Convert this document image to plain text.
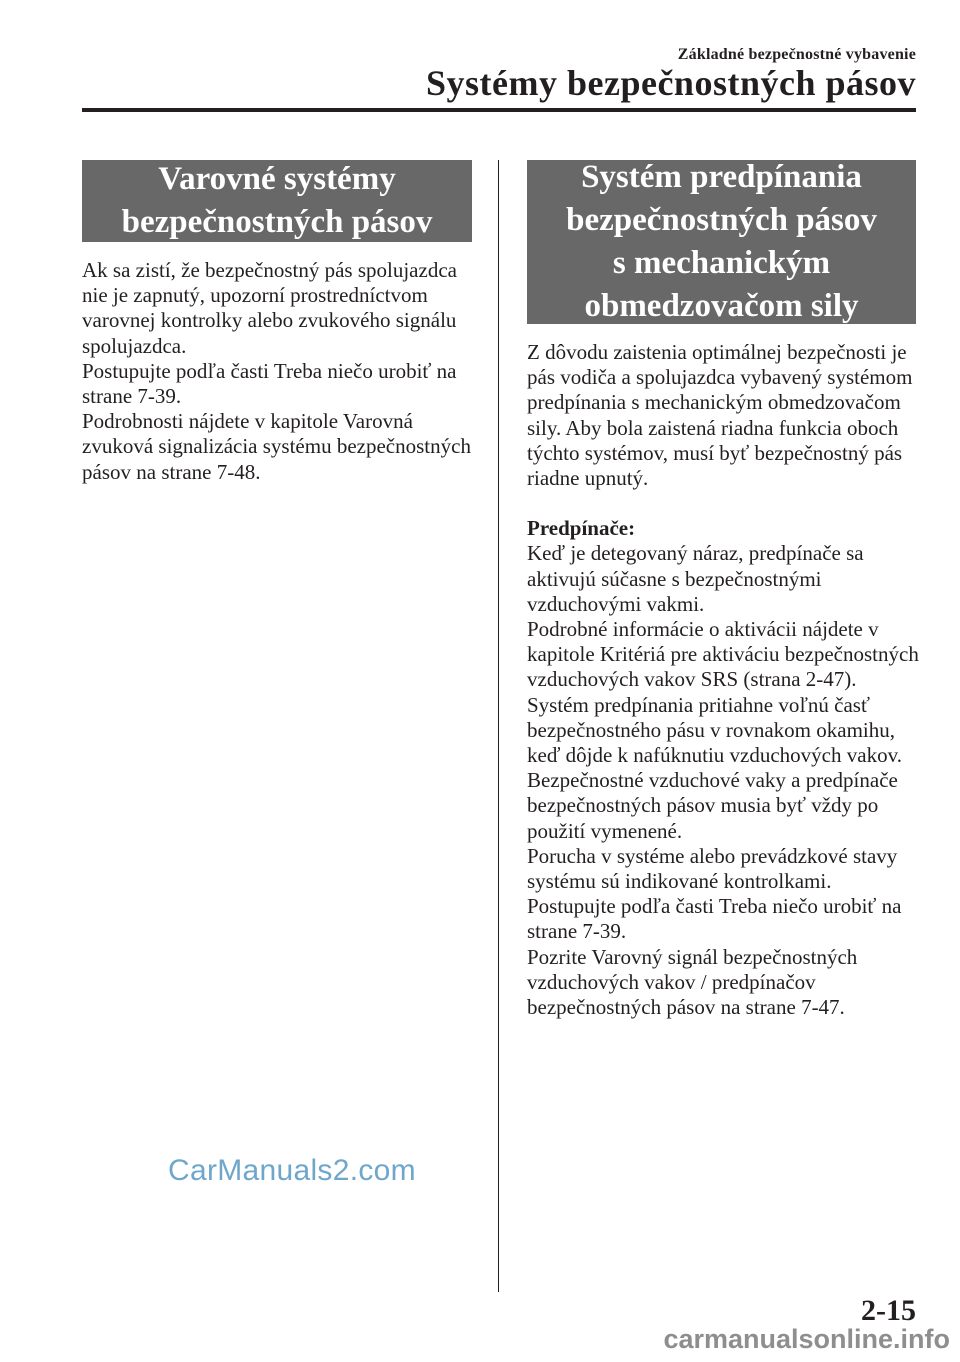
Základné bezpečnostné vybavenie
Systémy bezpečnostných pásov
Varovné systémy
bezpečnostných pásov

Ak sa zistí, že bezpečnostný pás spolujazdca nie je zapnutý, upozorní prostredníctvom varovnej kontrolky alebo zvukového signálu spolujazdca.

Postupujte podľa časti Treba niečo urobiť na strane 7-39.

Podrobnosti nájdete v kapitole Varovná zvuková signalizácia systému bezpečnostných pásov na strane 7-48.

Systém predpínania
bezpečnostných pásov
s mechanickým
obmedzovačom sily

Z dôvodu zaistenia optimálnej bezpečnosti je pás vodiča a spolujazdca vybavený systémom predpínania s mechanickým obmedzovačom sily. Aby bola zaistená riadna funkcia oboch týchto systémov, musí byť bezpečnostný pás riadne upnutý.

Predpínače:

Keď je detegovaný náraz, predpínače sa aktivujú súčasne s bezpečnostnými vzduchovými vakmi.

Podrobné informácie o aktivácii nájdete v kapitole Kritériá pre aktiváciu bezpečnostných vzduchových vakov SRS (strana 2-47).

Systém predpínania pritiahne voľnú časť bezpečnostného pásu v rovnakom okamihu, keď dôjde k nafúknutiu vzduchových vakov. Bezpečnostné vzduchové vaky a predpínače bezpečnostných pásov musia byť vždy po použití vymenené.

Porucha v systéme alebo prevádzkové stavy systému sú indikované kontrolkami. Postupujte podľa časti Treba niečo urobiť na strane 7-39.

Pozrite Varovný signál bezpečnostných vzduchových vakov / predpínačov bezpečnostných pásov na strane 7-47.

CarManuals2.com
2-15
carmanualsonline.info
